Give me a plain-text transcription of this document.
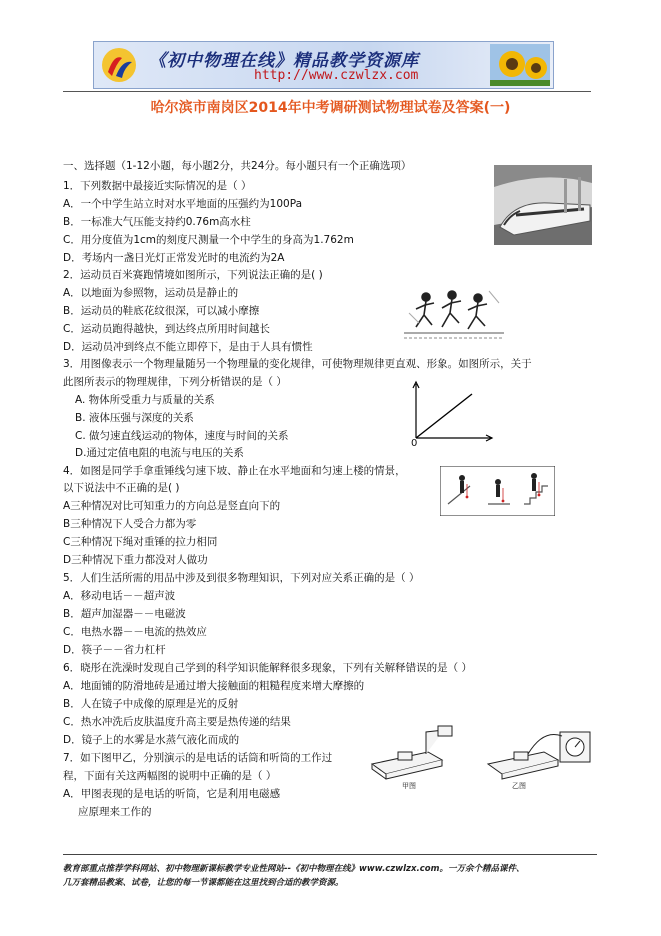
《初中物理在线》精品教学资源库
http://www.czwlzx.com
哈尔滨市南岗区2014年中考调研测试物理试卷及答案(一)
一、选择题（1-12小题，每小题2分，共24分。每小题只有一个正确选项）
1．下列数据中最接近实际情况的是（ ）
A．一个中学生站立时对水平地面的压强约为100Pa
B．一标准大气压能支持约0.76m高水柱
C．用分度值为1cm的刻度尺测量一个中学生的身高为1.762m
D．考场内一盏日光灯正常发光时的电流约为2A
2．运动员百米赛跑情境如图所示，下列说法正确的是( )
A．以地面为参照物，运动员是静止的
B．运动员的鞋底花纹很深，可以减小摩擦
C．运动员跑得越快，到达终点所用时间越长
D．运动员冲到终点不能立即停下，是由于人具有惯性
3．用图像表示一个物理量随另一个物理量的变化规律，可使物理规律更直观、形象。如图所示，关于
此图所表示的物理规律，下列分析错误的是（ ）
A. 物体所受重力与质量的关系
B. 液体压强与深度的关系
C. 做匀速直线运动的物体，速度与时间的关系
D.通过定值电阻的电流与电压的关系
4．如图是同学手拿重锤线匀速下坡、静止在水平地面和匀速上楼的情景，
以下说法中不正确的是( )
A三种情况对比可知重力的方向总是竖直向下的
B三种情况下人受合力都为零
C三种情况下绳对重锤的拉力相同
D三种情况下重力都没对人做功
5．人们生活所需的用品中涉及到很多物理知识，下列对应关系正确的是（ ）
A．移动电话－－超声波
B．超声加湿器－－电磁波
C．电热水器－－电流的热效应
D．筷子－－省力杠杆
6．晓彤在洗澡时发现自己学到的科学知识能解释很多现象，下列有关解释错误的是（ ）
A．地面铺的防滑地砖是通过增大接触面的粗糙程度来增大摩擦的
B．人在镜子中成像的原理是光的反射
C．热水冲洗后皮肤温度升高主要是热传递的结果
D．镜子上的水雾是水蒸气液化而成的
7．如下图甲乙，分别演示的是电话的话筒和听筒的工作过
程，下面有关这两幅图的说明中正确的是（ ）
A．甲图表现的是电话的听筒，它是利用电磁感
应原理来工作的
0
甲图	乙图
教育部重点推荐学科网站、初中物理新课标教学专业性网站--《初中物理在线》www.czwlzx.com。一万余个精品课件、
几万套精品教案、试卷，让您的每一节课都能在这里找到合适的教学资源。
